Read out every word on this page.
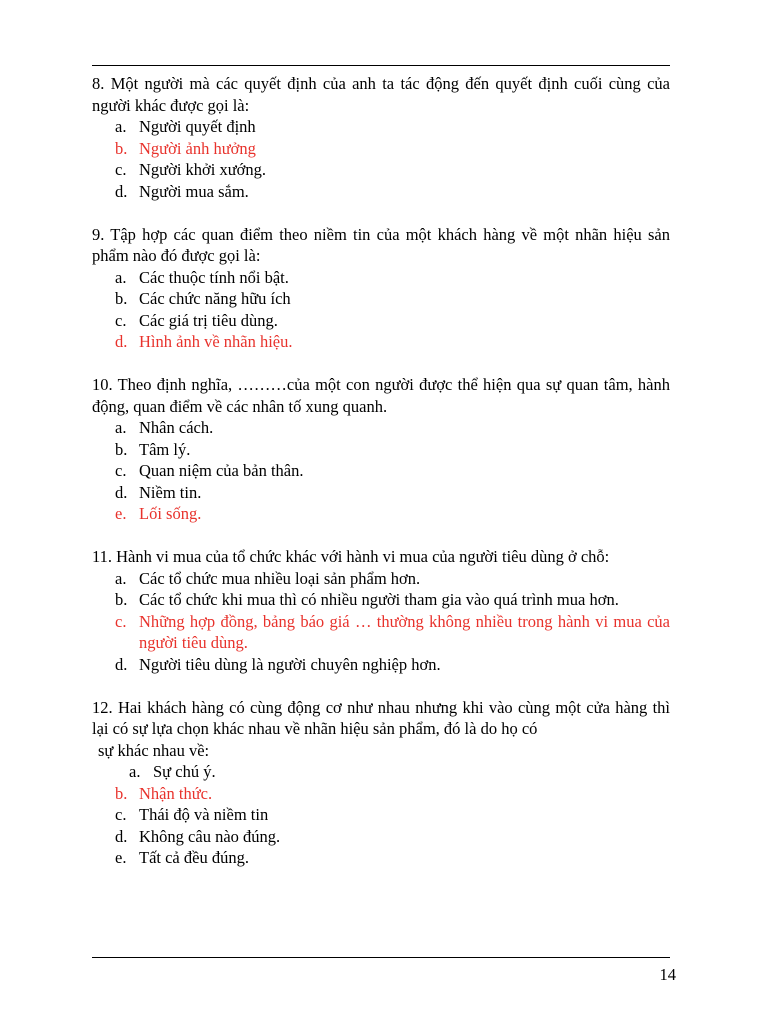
8. Một người mà các quyết định của anh ta tác động đến quyết định cuối cùng của người khác được gọi là:
a. Người quyết định
b. Người ảnh hưởng
c. Người khởi xướng.
d. Người mua sắm.
9. Tập hợp các quan điểm theo niềm tin của một khách hàng về một nhãn hiệu sản phẩm nào đó được gọi là:
a. Các thuộc tính nổi bật.
b. Các chức năng hữu ích
c. Các giá trị tiêu dùng.
d. Hình ảnh về nhãn hiệu.
10. Theo định nghĩa, ………của một con người được thể hiện qua sự quan tâm, hành động, quan điểm về các nhân tố xung quanh.
a. Nhân cách.
b. Tâm lý.
c. Quan niệm của bản thân.
d. Niềm tin.
e. Lối sống.
11. Hành vi mua của tổ chức khác với hành vi mua của người tiêu dùng ở chỗ:
a. Các tổ chức mua nhiều loại sản phẩm hơn.
b. Các tổ chức khi mua thì có nhiều người tham gia vào quá trình mua hơn.
c. Những hợp đồng, bảng báo giá … thường không nhiều trong hành vi mua của người tiêu dùng.
d. Người tiêu dùng là người chuyên nghiệp hơn.
12. Hai khách hàng có cùng động cơ như nhau nhưng khi vào cùng một cửa hàng thì lại có sự lựa chọn khác nhau về nhãn hiệu sản phẩm, đó là do họ có
sự khác nhau về:
a. Sự chú ý.
b. Nhận thức.
c. Thái độ và niềm tin
d. Không câu nào đúng.
e. Tất cả đều đúng.
14
